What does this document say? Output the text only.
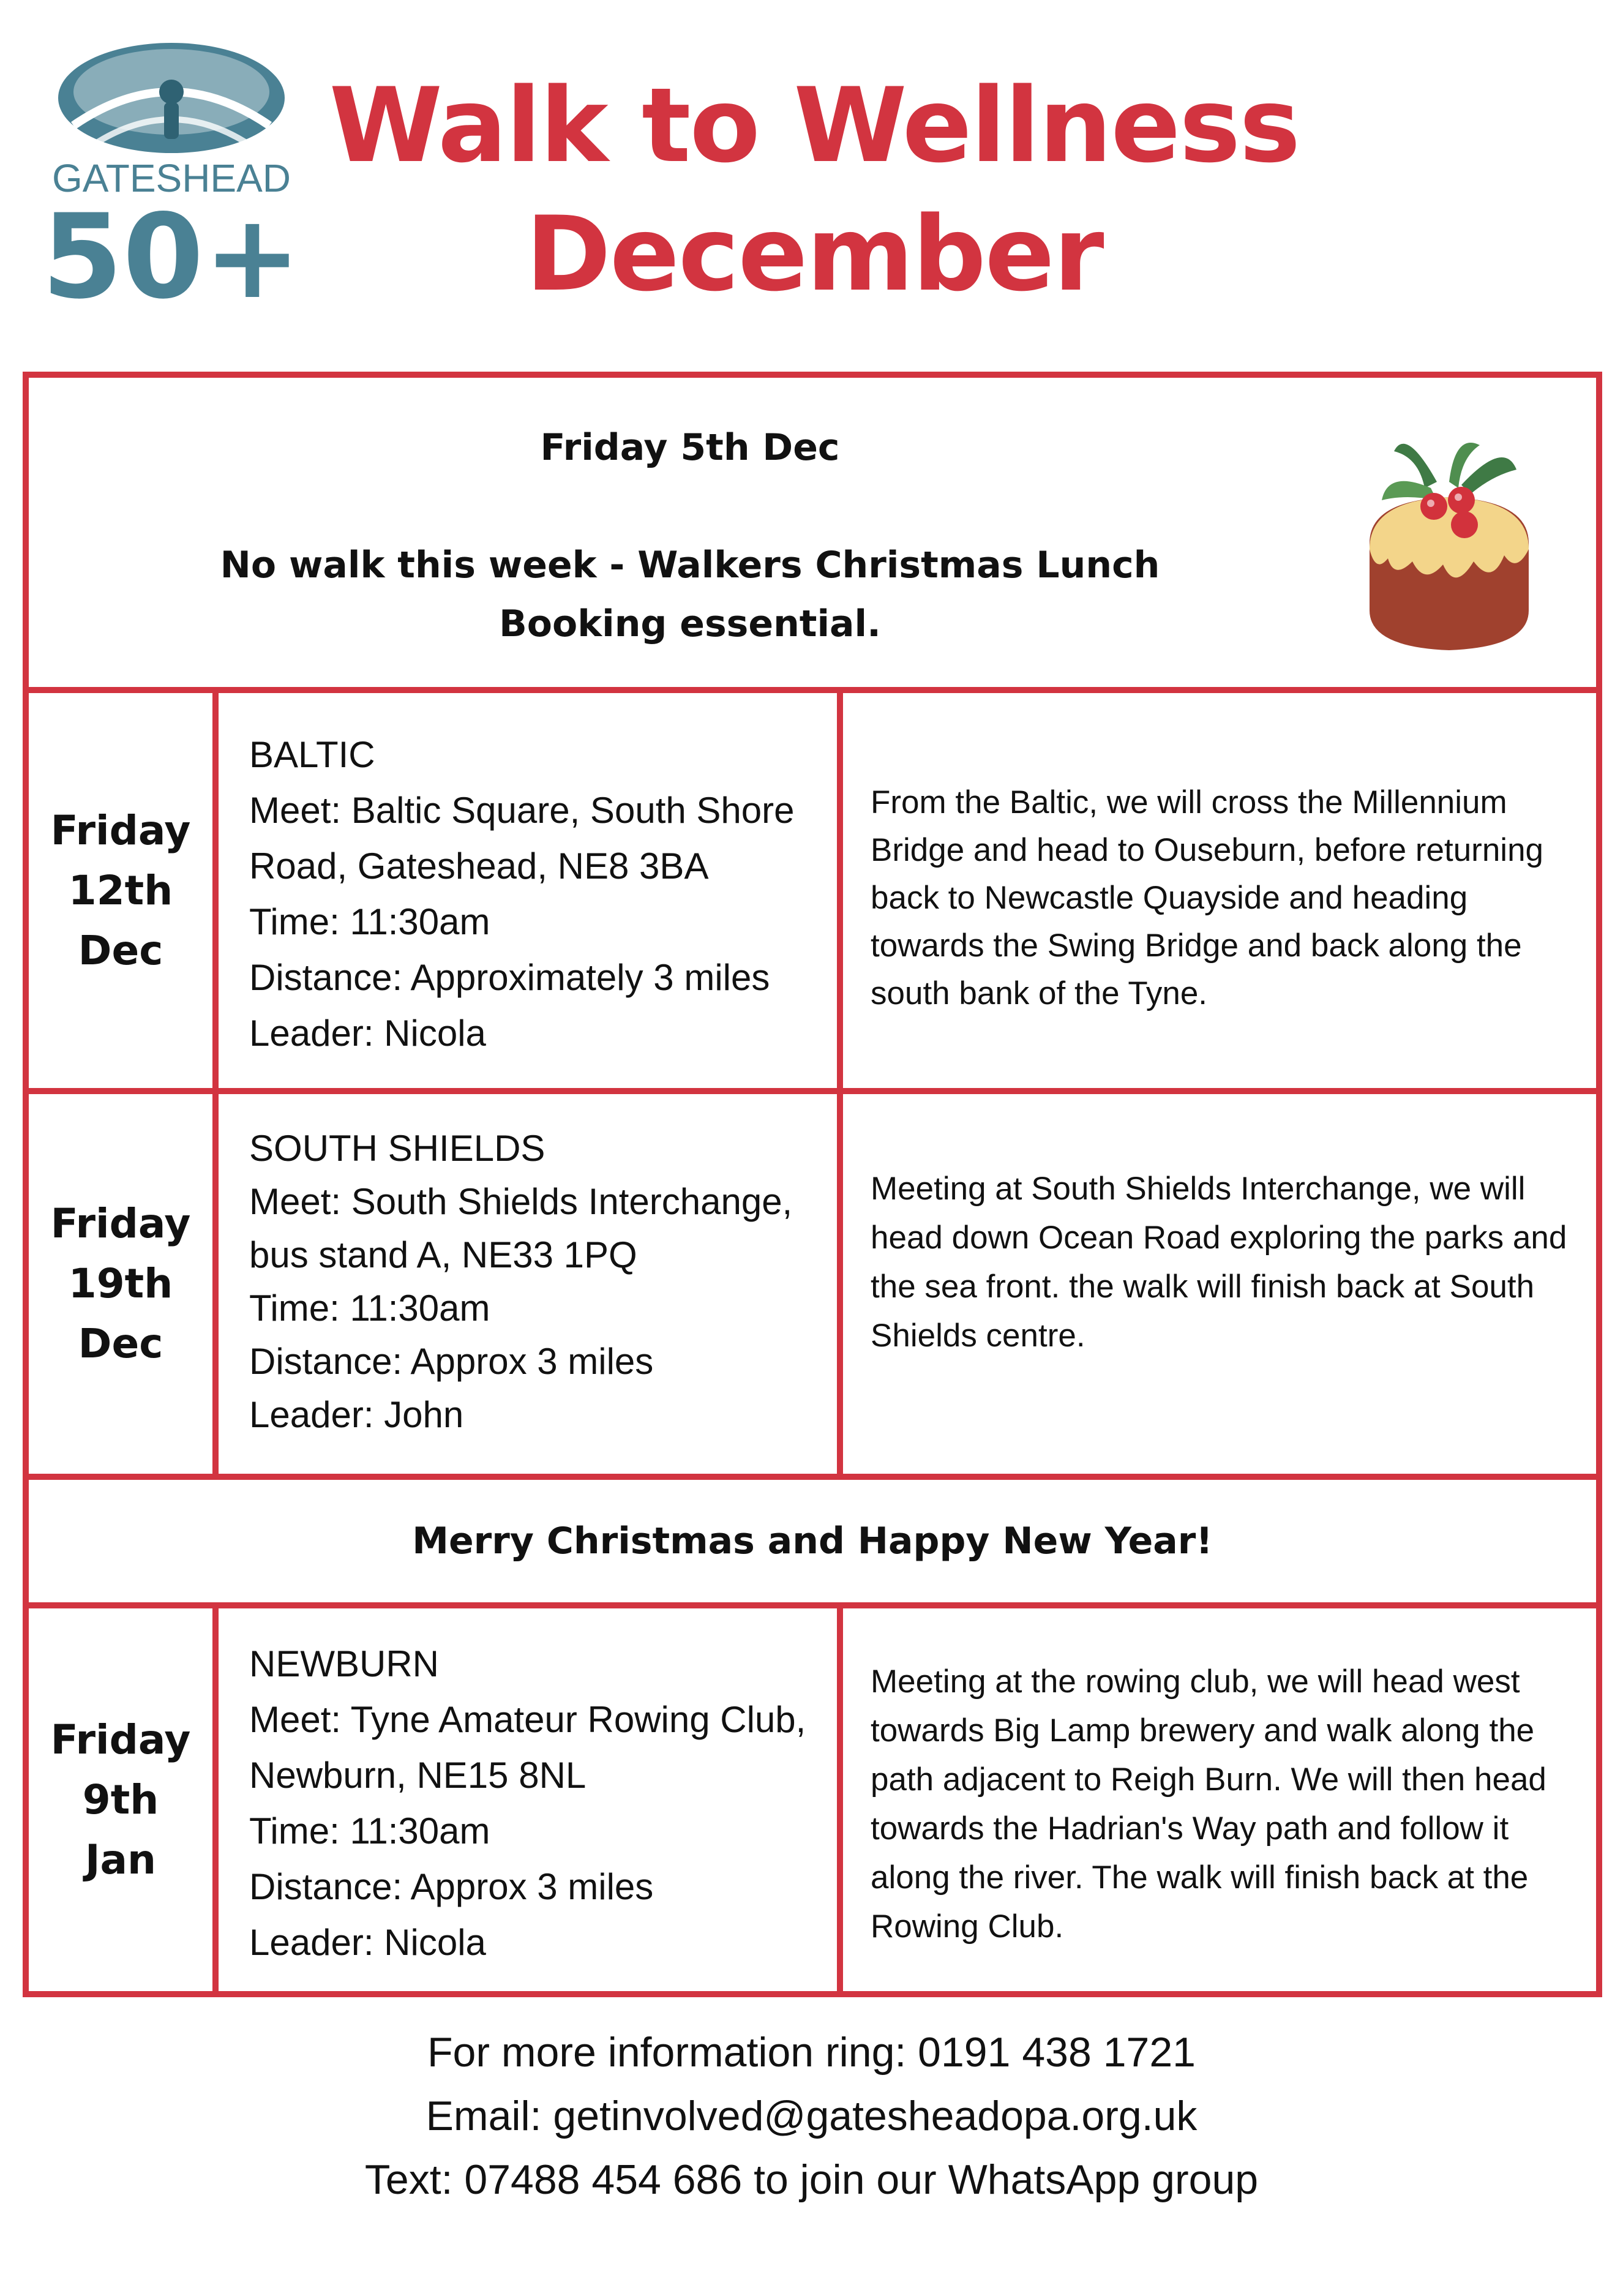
GATESHEAD
50+
Walk to Wellness
December
Friday 5th Dec
No walk this week - Walkers Christmas Lunch
Booking essential.
Friday
12th
Dec
BALTIC
Meet: Baltic Square, South Shore
Road, Gateshead, NE8 3BA
Time: 11:30am
Distance: Approximately 3 miles
Leader: Nicola
From the Baltic, we will cross the Millennium Bridge and head to Ouseburn, before returning back to Newcastle Quayside and heading towards the Swing Bridge and back along the south bank of the Tyne.
Friday
19th
Dec
SOUTH SHIELDS
Meet: South Shields Interchange,
bus stand A, NE33 1PQ
Time: 11:30am
Distance: Approx 3 miles
Leader: John
Meeting at South Shields Interchange, we will head down Ocean Road exploring the parks and the sea front. the walk will finish back at South Shields centre.
Merry Christmas and Happy New Year!
Friday
9th
Jan
NEWBURN
Meet: Tyne Amateur Rowing Club,
Newburn, NE15 8NL
Time: 11:30am
Distance: Approx 3 miles
Leader: Nicola
Meeting at the rowing club, we will head west towards Big Lamp brewery and walk along the path adjacent to Reigh Burn. We will then head towards the Hadrian's Way path and follow it along the river. The walk will finish back at the Rowing Club.
For more information ring: 0191 438 1721
Email: getinvolved@gatesheadopa.org.uk
Text: 07488 454 686 to join our WhatsApp group
